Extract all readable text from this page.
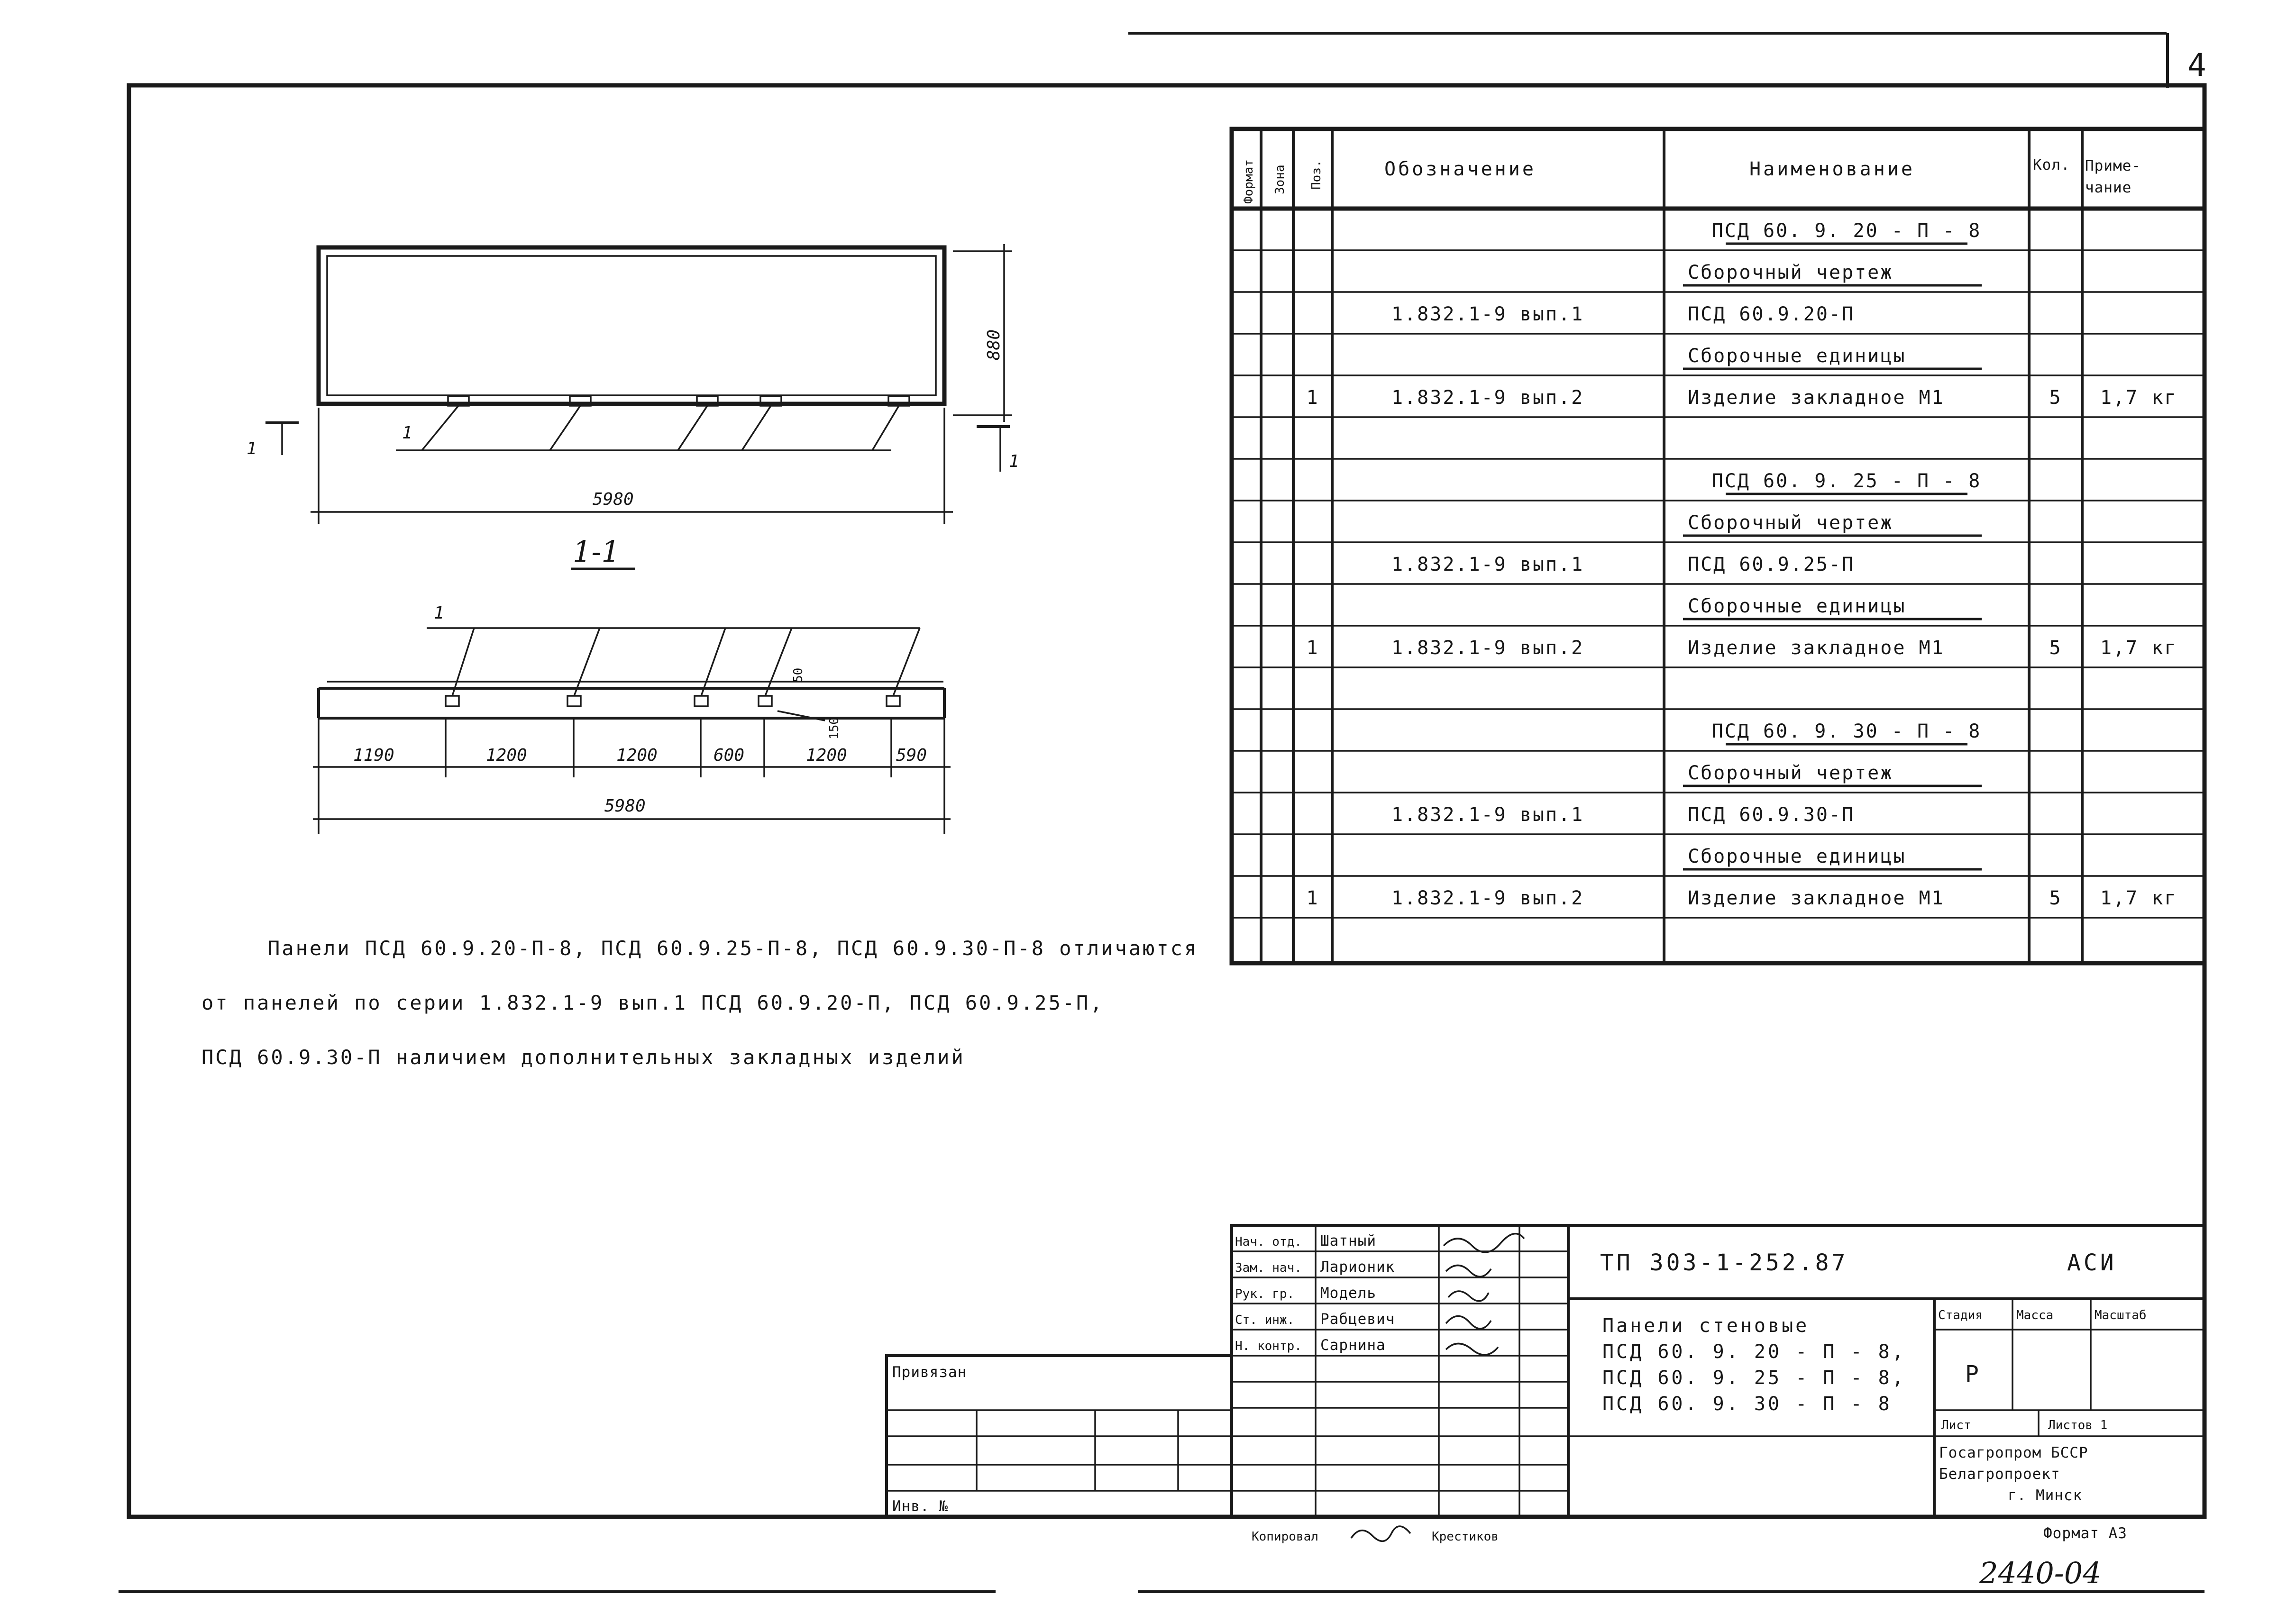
4
Формат Зона Поз.	Обозначение	Наименование	Кол. Приме-чание
ПСД 60. 9. 20 - П - 8
Сборочный чертеж
1.832.1-9 вып.1	ПСД 60.9.20-П
Сборочные единицы
1	1.832.1-9 вып.2	Изделие закладное М1	5 1,7 кг
ПСД 60. 9. 25 - П - 8
Сборочный чертеж
1.832.1-9 вып.1	ПСД 60.9.25-П
Сборочные единицы
1	1.832.1-9 вып.2	Изделие закладное М1	5 1,7 кг
ПСД 60. 9. 30 - П - 8
Сборочный чертеж
1.832.1-9 вып.1	ПСД 60.9.30-П
Сборочные единицы
1	1.832.1-9 вып.2	Изделие закладное М1	5 1,7 кг
1
880
5980
1
1
1-1
1
50
150
1190	1200	1200	600	1200	590
5980
Панели ПСД 60.9.20-П-8, ПСД 60.9.25-П-8, ПСД 60.9.30-П-8 отличаются
от панелей по серии 1.832.1-9 вып.1 ПСД 60.9.20-П, ПСД 60.9.25-П,
ПСД 60.9.30-П наличием дополнительных закладных изделий
Нач. отд. Шатный
Зам. нач. Ларионик
Рук. гр. Модель
Ст. инж. Рабцевич
Н. контр. Сарнина
Привязан
Инв. №
ТП 303-1-252.87	АСИ
Панели стеновые
ПСД 60. 9. 20 - П - 8,
ПСД 60. 9. 25 - П - 8,
ПСД 60. 9. 30 - П - 8
Стадия	Масса	Масштаб
Р
Лист	Листов 1
Госагропром БССР
Белагропроект
г. Минск
Копировал	Крестиков	Формат А3
2440-04
